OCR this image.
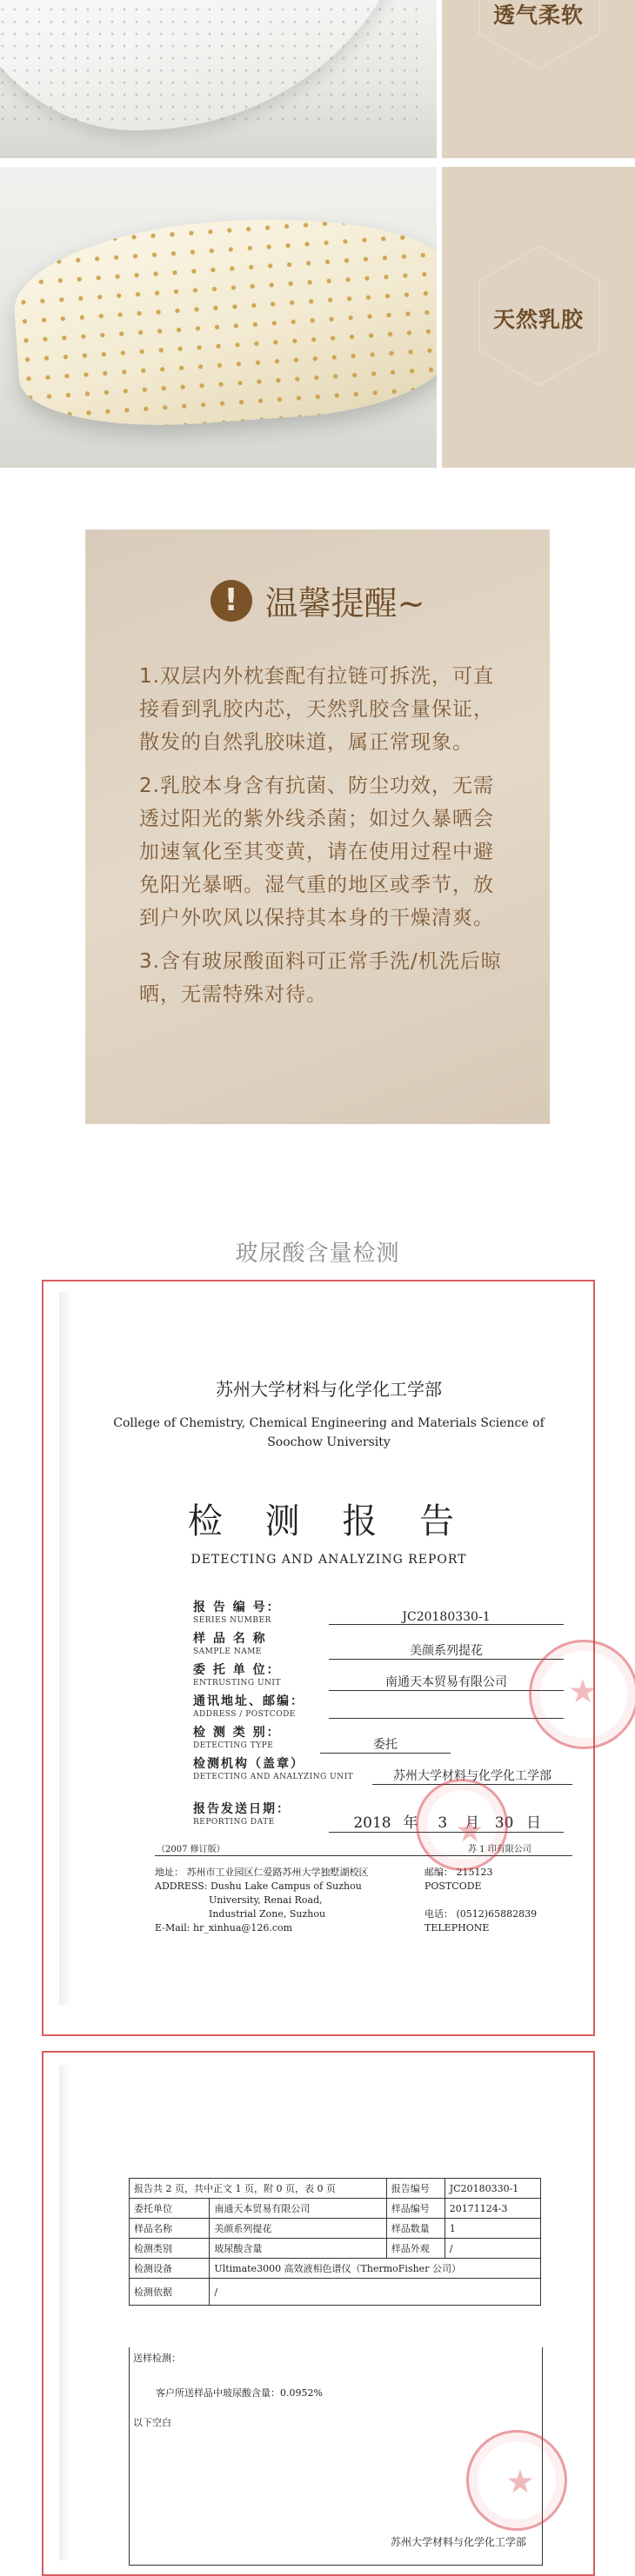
透气柔软
天然乳胶
! 温馨提醒~

1.双层内外枕套配有拉链可拆洗，可直接看到乳胶内芯，天然乳胶含量保证，散发的自然乳胶味道，属正常现象。

2.乳胶本身含有抗菌、防尘功效，无需透过阳光的紫外线杀菌；如过久暴晒会加速氧化至其变黄，请在使用过程中避免阳光暴晒。湿气重的地区或季节，放到户外吹风以保持其本身的干燥清爽。

3.含有玻尿酸面料可正常手洗/机洗后晾晒，无需特殊对待。

玻尿酸含量检测
苏州大学材料与化学化工学部
College of Chemistry, Chemical Engineering and Materials Science of
Soochow University
检 测 报 告
DETECTING AND ANALYZING REPORT
报 告 编 号：
SERIES NUMBER	JC20180330-1
样 品 名 称
SAMPLE NAME	美颜系列提花
委 托 单 位：
ENTRUSTING UNIT	南通天本贸易有限公司
通讯地址、邮编：
ADDRESS / POSTCODE
检 测 类 别：
DETECTING TYPE	委托
检测机构（盖章）
DETECTING AND ANALYZING UNIT	苏州大学材料与化学化工学部
报告发送日期：
REPORTING DATE	2018 年 3 月 30 日
（2007 修订版）	苏 1 印有限公司
地址： 苏州市工业园区仁爱路苏州大学独墅湖校区
ADDRESS: Dushu Lake Campus of Suzhou
University, Renai Road,
Industrial Zone, Suzhou
E-Mail: hr_xinhua@126.com
邮编： 215123
POSTCODE
电话： (0512)65882839
TELEPHONE
报告共 2 页，共中正文 1 页，附 0 页，表 0 页		报告编号	JC20180330-1
委托单位	南通天本贸易有限公司	样品编号	20171124-3
样品名称	美颜系列提花	样品数量	1
检测类别	玻尿酸含量	样品外观	/
检测设备	Ultimate3000 高效液相色谱仪（ThermoFisher 公司）		
检测依据	/		
送样检测：
客户所送样品中玻尿酸含量：0.0952%
以下空白
苏州大学材料与化学化工学部
